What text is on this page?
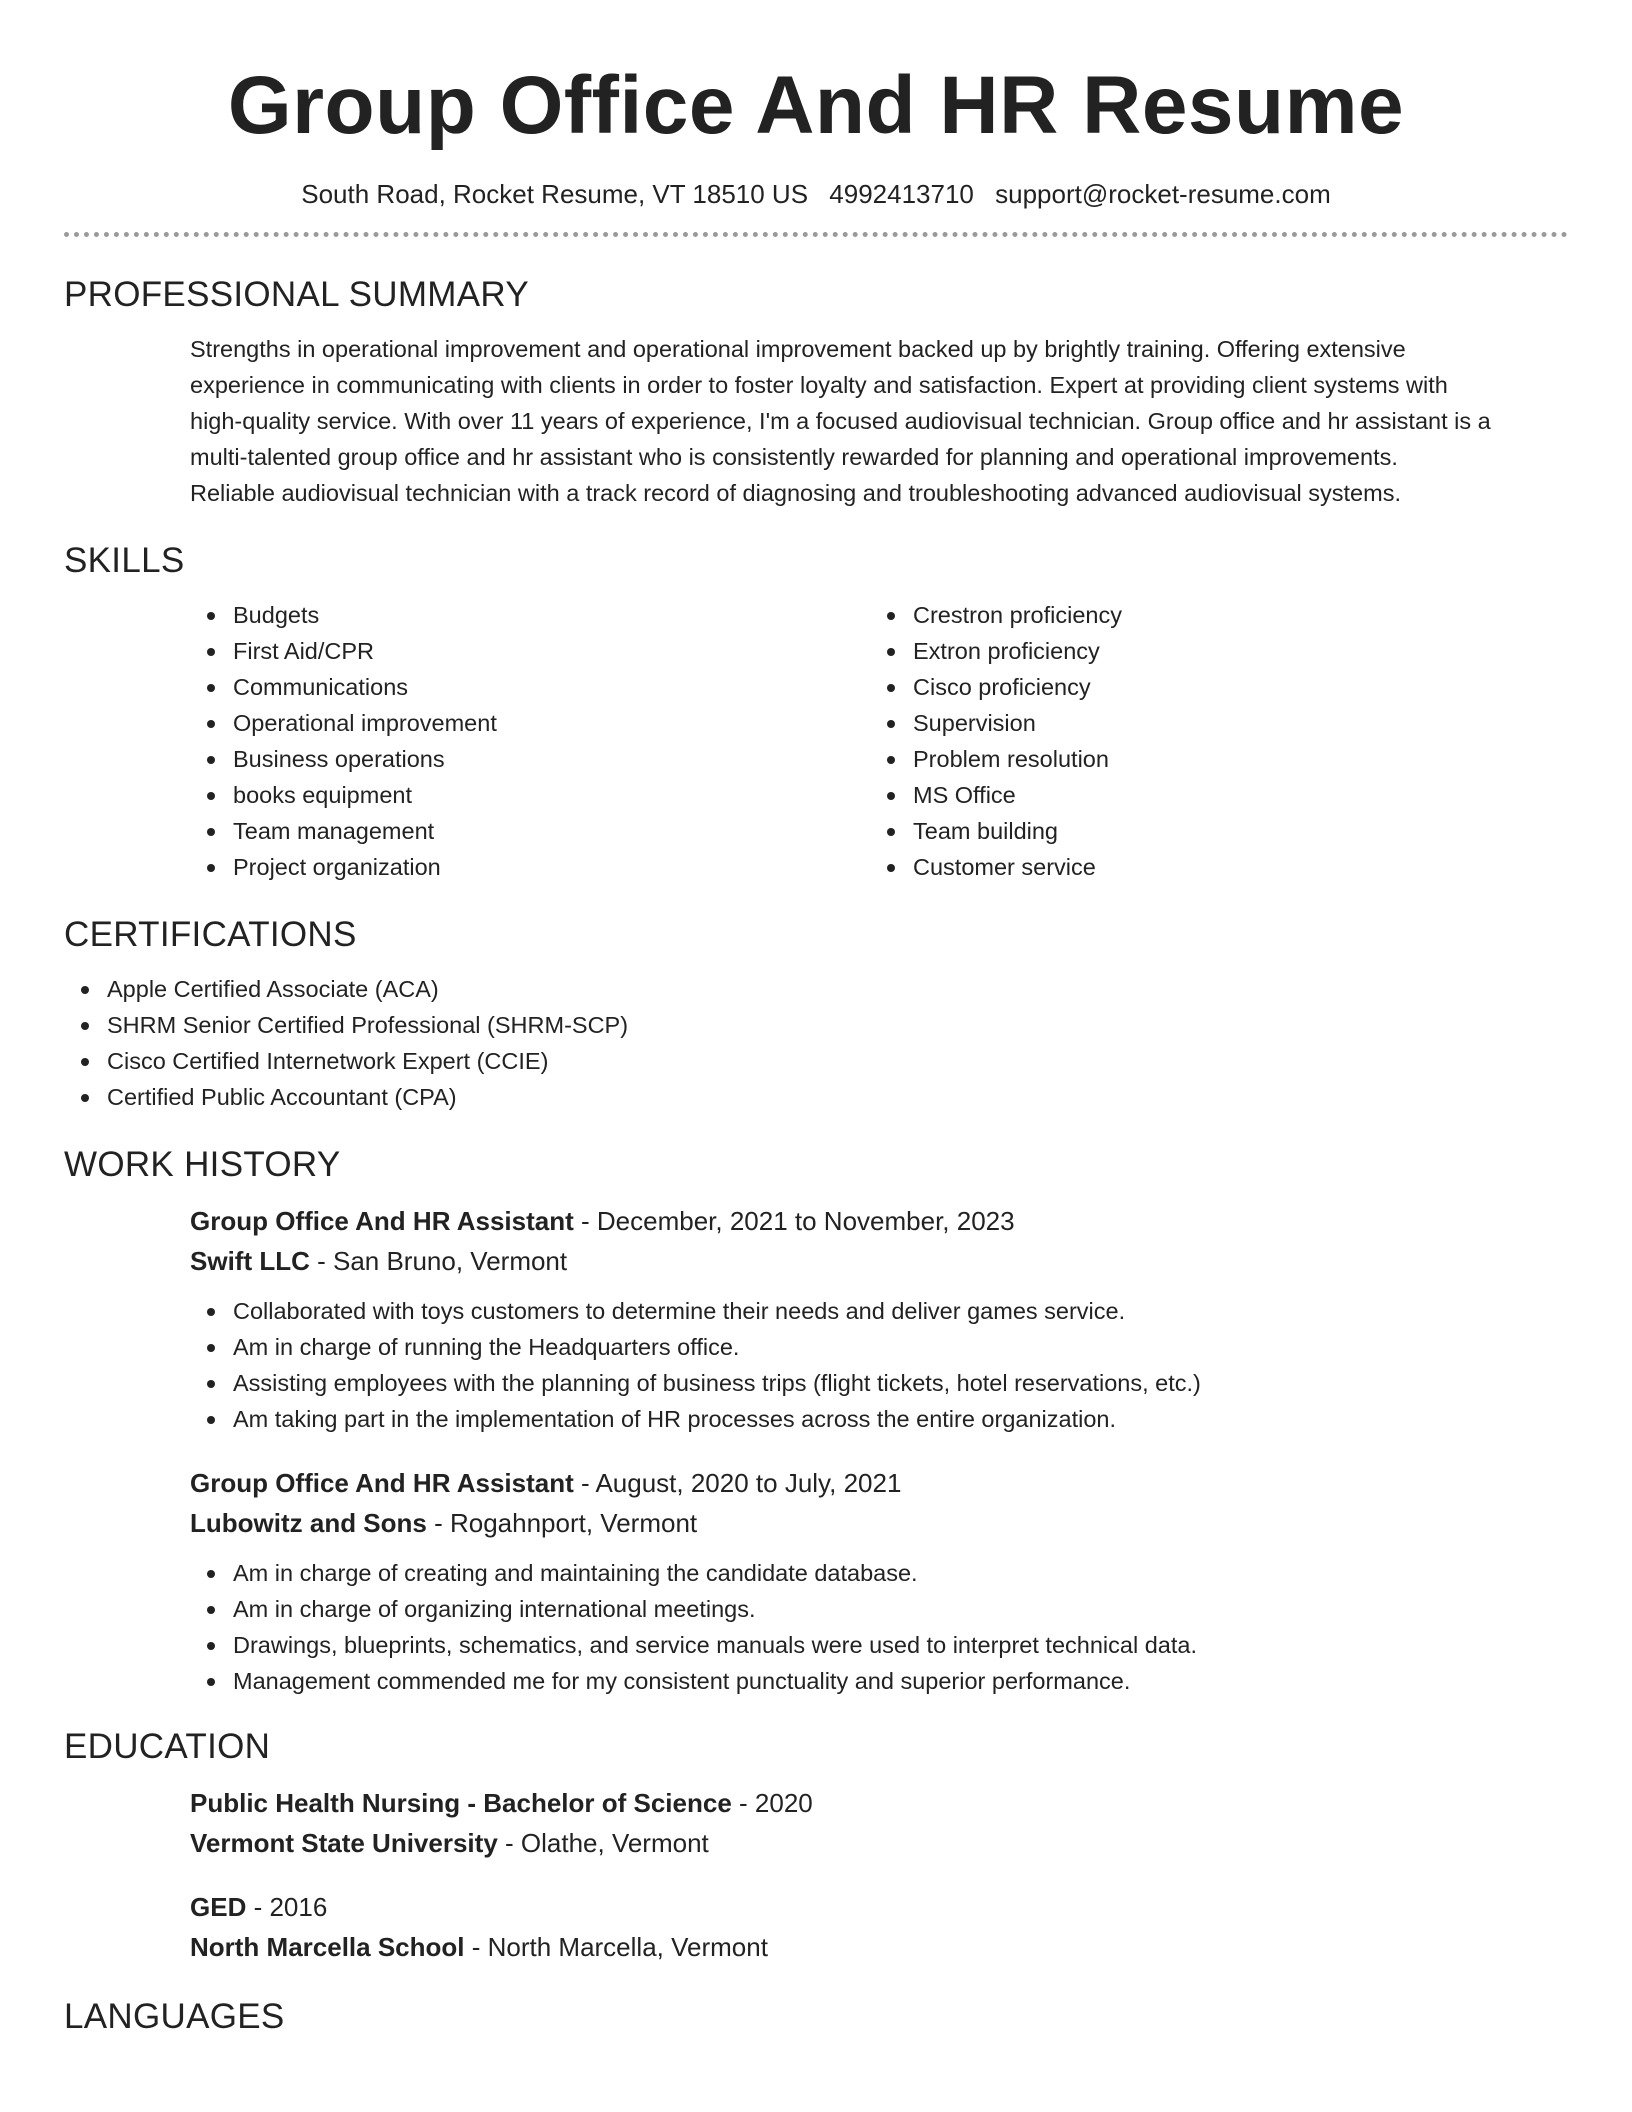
Group Office And HR Resume
South Road, Rocket Resume, VT 18510 US 4992413710 support@rocket-resume.com
PROFESSIONAL SUMMARY
Strengths in operational improvement and operational improvement backed up by brightly training. Offering extensive
experience in communicating with clients in order to foster loyalty and satisfaction. Expert at providing client systems with
high-quality service. With over 11 years of experience, I'm a focused audiovisual technician. Group office and hr assistant is a
multi-talented group office and hr assistant who is consistently rewarded for planning and operational improvements.
Reliable audiovisual technician with a track record of diagnosing and troubleshooting advanced audiovisual systems.
SKILLS
Budgets
First Aid/CPR
Communications
Operational improvement
Business operations
books equipment
Team management
Project organization
Crestron proficiency
Extron proficiency
Cisco proficiency
Supervision
Problem resolution
MS Office
Team building
Customer service
CERTIFICATIONS
Apple Certified Associate (ACA)
SHRM Senior Certified Professional (SHRM-SCP)
Cisco Certified Internetwork Expert (CCIE)
Certified Public Accountant (CPA)
WORK HISTORY
Group Office And HR Assistant - December, 2021 to November, 2023
Swift LLC - San Bruno, Vermont
Collaborated with toys customers to determine their needs and deliver games service.
Am in charge of running the Headquarters office.
Assisting employees with the planning of business trips (flight tickets, hotel reservations, etc.)
Am taking part in the implementation of HR processes across the entire organization.
Group Office And HR Assistant - August, 2020 to July, 2021
Lubowitz and Sons - Rogahnport, Vermont
Am in charge of creating and maintaining the candidate database.
Am in charge of organizing international meetings.
Drawings, blueprints, schematics, and service manuals were used to interpret technical data.
Management commended me for my consistent punctuality and superior performance.
EDUCATION
Public Health Nursing - Bachelor of Science - 2020
Vermont State University - Olathe, Vermont
GED - 2016
North Marcella School - North Marcella, Vermont
LANGUAGES
